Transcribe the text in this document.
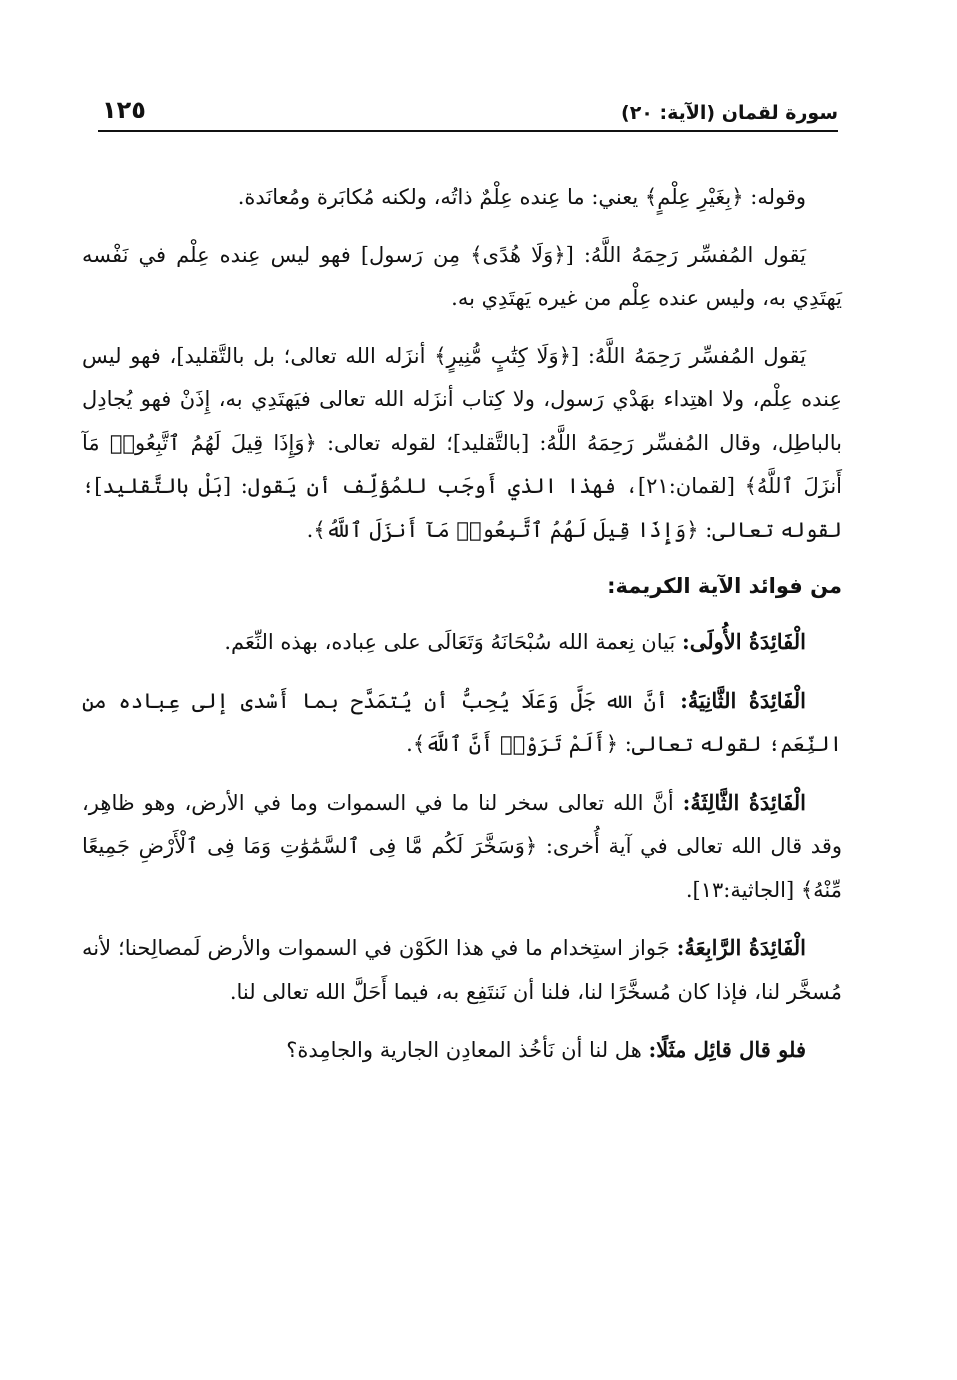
سورة لقمان (الآية: ٢٠)
١٢٥

وقوله: ﴿بِغَيْرِ عِلْمٍ﴾ يعني: ما عِنده عِلْمٌ ذاتُه، ولكنه مُكابَرة ومُعانَدة.

يَقول المُفسِّر رَحِمَهُ اللَّهُ: [﴿وَلَا هُدًى﴾ مِن رَسول] فهو ليس عِنده عِلْم في نَفْسه يَهتَدِي به، وليس عنده عِلْم من غيره يَهتَدِي به.

يَقول المُفسِّر رَحِمَهُ اللَّهُ: [﴿وَلَا كِتَٰبٍ مُّنِيرٍ﴾ أنزَله الله تعالى؛ بل بالتَّقليد]، فهو ليس عِنده عِلْم، ولا اهتِداء بهَدْي رَسول، ولا كِتاب أنزَله الله تعالى فيَهتَدِي به، إِذَنْ فهو يُجادِل بالباطِل، وقال المُفسِّر رَحِمَهُ اللَّهُ: [بالتَّقليد]؛ لقوله تعالى: ﴿وَإِذَا قِيلَ لَهُمُ ٱتَّبِعُوا۟ مَآ أَنزَلَ ٱللَّهُ﴾ [لقمان:٢١]، فهذا الذي أَوجَب للمُؤلِّف أن يَقول: [بَلْ بالتَّقليد]؛ لقوله تعالى: ﴿وَإِذَا قِيلَ لَهُمُ ٱتَّبِعُوا۟ مَآ أَنزَلَ ٱللَّهُ﴾.

من فوائد الآية الكريمة:

الْفَائِدَةُ الأُولَى: بَيان نِعمة الله سُبْحَانَهُ وَتَعَالَى على عِباده، بهذه النِّعَم.

الْفَائِدَةُ الثَّانِيَةُ: أنَّ الله جَلَّ وَعَلَا يُحِبُّ أن يُتمَدَّح بما أَسْدى إلى عِباده من النِّعَم؛ لقوله تعالى: ﴿أَلَمْ تَرَوْا۟ أَنَّ ٱللَّهَ﴾.

الْفَائِدَةُ الثَّالِثَةُ: أنَّ الله تعالى سخر لنا ما في السموات وما في الأرض، وهو ظاهِر، وقد قال الله تعالى في آية أُخرى: ﴿وَسَخَّرَ لَكُم مَّا فِى ٱلسَّمَٰوَٰتِ وَمَا فِى ٱلْأَرْضِ جَمِيعًا مِّنْهُ﴾ [الجاثية:١٣].

الْفَائِدَةُ الرَّابِعَةُ: جَواز استِخدام ما في هذا الكَوْن في السموات والأرض لَمصالِحنا؛ لأنه مُسخَّر لنا، فإذا كان مُسخَّرًا لنا، فلنا أن نَنتَفِع به، فيما أَحَلَّ الله تعالى لنا.

فلو قال قائِل مثَلًا: هل لنا أن نَأخُذ المعادِن الجارية والجامِدة؟
